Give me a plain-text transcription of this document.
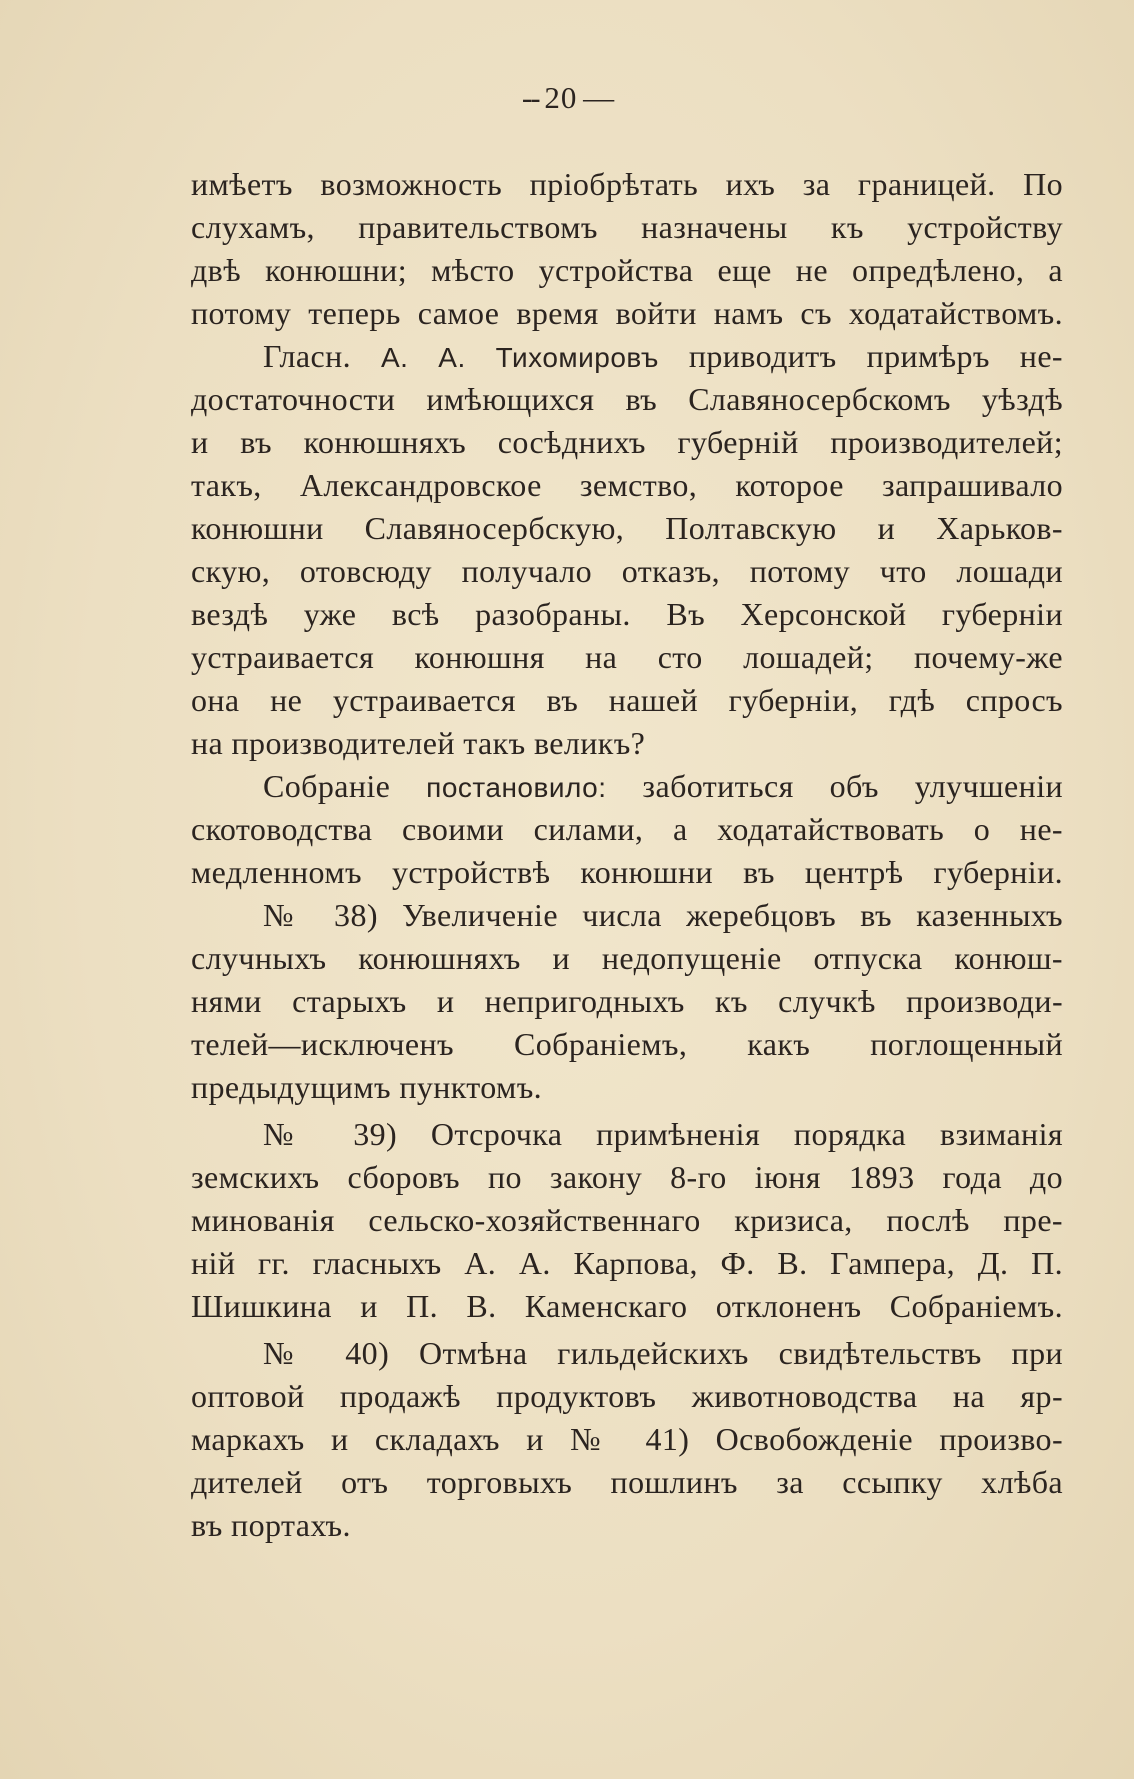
-- 20 —
имѣетъ возможность пріобрѣтать ихъ за границей. По
слухамъ, правительствомъ назначены къ устройству
двѣ конюшни; мѣсто устройства еще не опредѣлено, а
потому теперь самое время войти намъ съ ходатайствомъ.
Гласн. А. А. Тихомировъ приводитъ примѣръ не-
достаточности имѣющихся въ Славяносербскомъ уѣздѣ
и въ конюшняхъ сосѣднихъ губерній производителей;
такъ, Александровское земство, которое запрашивало
конюшни Славяносербскую, Полтавскую и Харьков-
скую, отовсюду получало отказъ, потому что лошади
вездѣ уже всѣ разобраны. Въ Херсонской губерніи
устраивается конюшня на сто лошадей; почему-же
она не устраивается въ нашей губерніи, гдѣ спросъ
на производителей такъ великъ?
Собраніе постановило: заботиться объ улучшеніи
скотоводства своими силами, а ходатайствовать о не-
медленномъ устройствѣ конюшни въ центрѣ губерніи.
№ 38) Увеличеніе числа жеребцовъ въ казенныхъ
случныхъ конюшняхъ и недопущеніе отпуска конюш-
нями старыхъ и непригодныхъ къ случкѣ производи-
телей—исключенъ Собраніемъ, какъ поглощенный
предыдущимъ пунктомъ.
№ 39) Отсрочка примѣненія порядка взиманія
земскихъ сборовъ по закону 8-го іюня 1893 года до
минованія сельско-хозяйственнаго кризиса, послѣ пре-
ній гг. гласныхъ А. А. Карпова, Ф. В. Гампера, Д. П.
Шишкина и П. В. Каменскаго отклоненъ Собраніемъ.
№ 40) Отмѣна гильдейскихъ свидѣтельствъ при
оптовой продажѣ продуктовъ животноводства на яр-
маркахъ и складахъ и № 41) Освобожденіе произво-
дителей отъ торговыхъ пошлинъ за ссыпку хлѣба
въ портахъ.
